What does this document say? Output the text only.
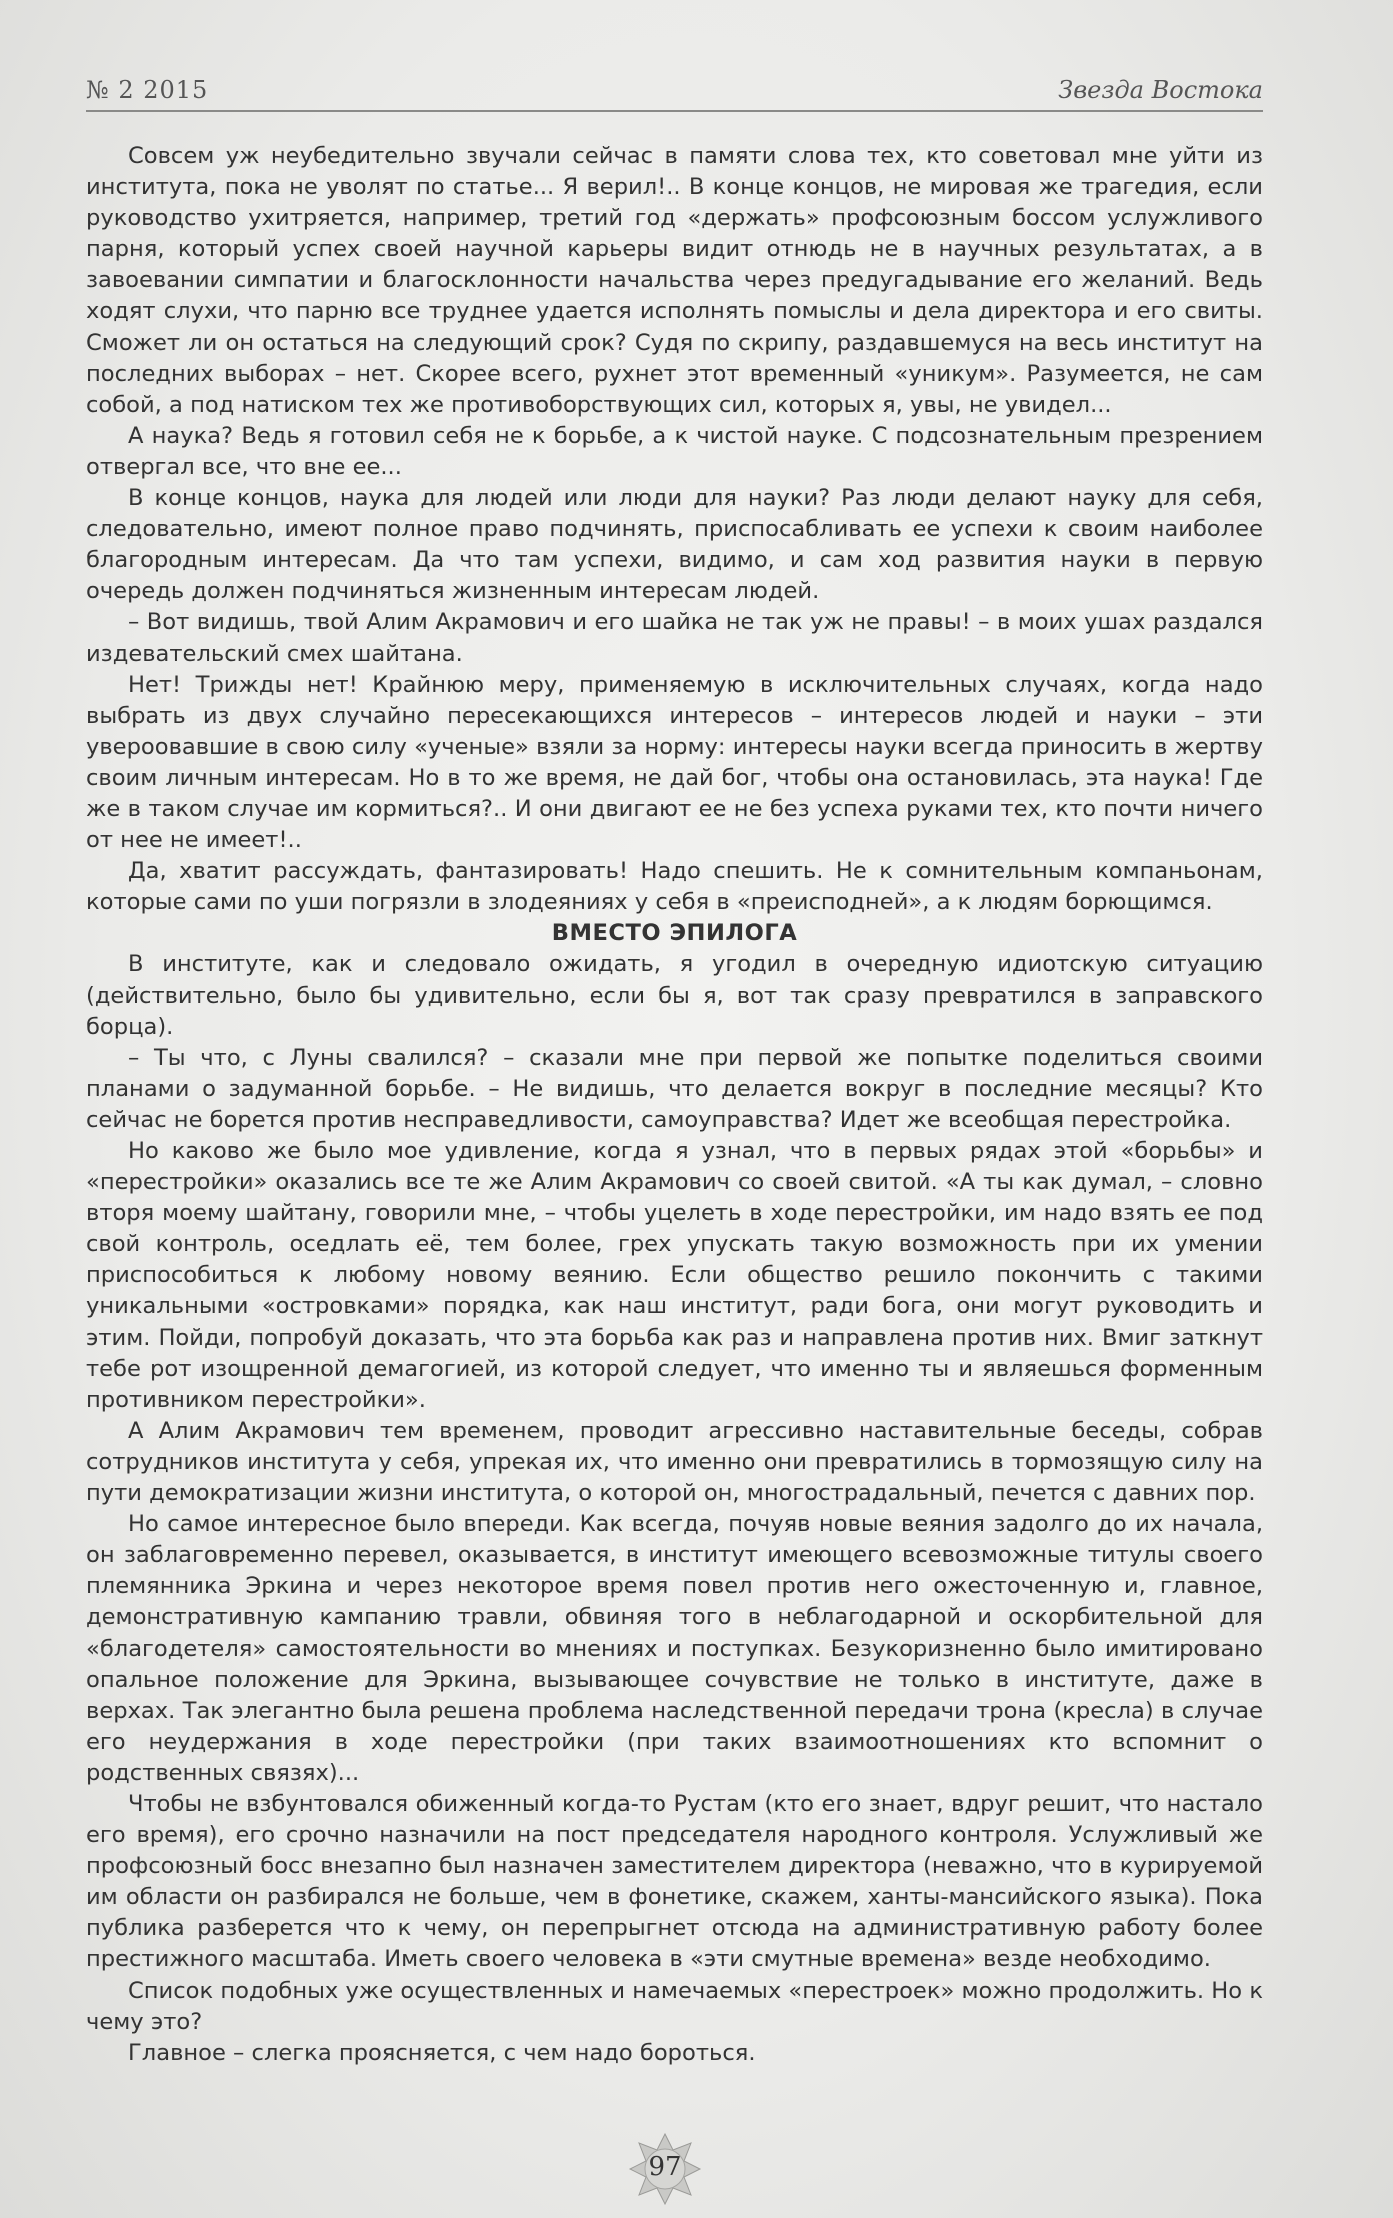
№ 2 2015	Звезда Востока

Совсем уж неубедительно звучали сейчас в памяти слова тех, кто советовал мне уйти из института, пока не уволят по статье... Я верил!.. В конце концов, не мировая же трагедия, если руководство ухитряется, например, третий год «держать» профсоюзным боссом услужливого парня, который успех своей научной карьеры видит отнюдь не в научных результатах, а в завоевании симпатии и благосклонности начальства через предугадывание его желаний. Ведь ходят слухи, что парню все труднее удается исполнять помыслы и дела директора и его свиты. Сможет ли он остаться на следующий срок? Судя по скрипу, раздавшемуся на весь институт на последних выборах – нет. Скорее всего, рухнет этот временный «уникум». Разумеется, не сам собой, а под натиском тех же противоборствующих сил, которых я, увы, не увидел...

А наука? Ведь я готовил себя не к борьбе, а к чистой науке. С подсознательным презрением отвергал все, что вне ее...

В конце концов, наука для людей или люди для науки? Раз люди делают науку для себя, следовательно, имеют полное право подчинять, приспосабливать ее успехи к своим наиболее благородным интересам. Да что там успехи, видимо, и сам ход развития науки в первую очередь должен подчиняться жизненным интересам людей.

– Вот видишь, твой Алим Акрамович и его шайка не так уж не правы! – в моих ушах раздался издевательский смех шайтана.

Нет! Трижды нет! Крайнюю меру, применяемую в исключительных случаях, когда надо выбрать из двух случайно пересекающихся интересов – интересов людей и науки – эти увероовавшие в свою силу «ученые» взяли за норму: интересы науки всегда приносить в жертву своим личным интересам. Но в то же время, не дай бог, чтобы она остановилась, эта наука! Где же в таком случае им кормиться?.. И они двигают ее не без успеха руками тех, кто почти ничего от нее не имеет!..

Да, хватит рассуждать, фантазировать! Надо спешить. Не к сомнительным компаньонам, которые сами по уши погрязли в злодеяниях у себя в «преисподней», а к людям борющимся.

ВМЕСТО ЭПИЛОГА

В институте, как и следовало ожидать, я угодил в очередную идиотскую ситуацию (действительно, было бы удивительно, если бы я, вот так сразу превратился в заправского борца).

– Ты что, с Луны свалился? – сказали мне при первой же попытке поделиться своими планами о задуманной борьбе. – Не видишь, что делается вокруг в последние месяцы? Кто сейчас не борется против несправедливости, самоуправства? Идет же всеобщая перестройка.

Но каково же было мое удивление, когда я узнал, что в первых рядах этой «борьбы» и «перестройки» оказались все те же Алим Акрамович со своей свитой. «А ты как думал, – словно вторя моему шайтану, говорили мне, – чтобы уцелеть в ходе перестройки, им надо взять ее под свой контроль, оседлать её, тем более, грех упускать такую возможность при их умении приспособиться к любому новому веянию. Если общество решило покончить с такими уникальными «островками» порядка, как наш институт, ради бога, они могут руководить и этим. Пойди, попробуй доказать, что эта борьба как раз и направлена против них. Вмиг заткнут тебе рот изощренной демагогией, из которой следует, что именно ты и являешься форменным противником перестройки».

А Алим Акрамович тем временем, проводит агрессивно наставительные беседы, собрав сотрудников института у себя, упрекая их, что именно они превратились в тормозящую силу на пути демократизации жизни института, о которой он, многострадальный, печется с давних пор.

Но самое интересное было впереди. Как всегда, почуяв новые веяния задолго до их начала, он заблаговременно перевел, оказывается, в институт имеющего всевозможные титулы своего племянника Эркина и через некоторое время повел против него ожесточенную и, главное, демонстративную кампанию травли, обвиняя того в неблагодарной и оскорбительной для «благодетеля» самостоятельности во мнениях и поступках. Безукоризненно было имитировано опальное положение для Эркина, вызывающее сочувствие не только в институте, даже в верхах. Так элегантно была решена проблема наследственной передачи трона (кресла) в случае его неудержания в ходе перестройки (при таких взаимоотношениях кто вспомнит о родственных связях)...

Чтобы не взбунтовался обиженный когда-то Рустам (кто его знает, вдруг решит, что настало его время), его срочно назначили на пост председателя народного контроля. Услужливый же профсоюзный босс внезапно был назначен заместителем директора (неважно, что в курируемой им области он разбирался не больше, чем в фонетике, скажем, ханты-мансийского языка). Пока публика разберется что к чему, он перепрыгнет отсюда на административную работу более престижного масштаба. Иметь своего человека в «эти смутные времена» везде необходимо.

Список подобных уже осуществленных и намечаемых «перестроек» можно продолжить. Но к чему это?

Главное – слегка проясняется, с чем надо бороться.

97
